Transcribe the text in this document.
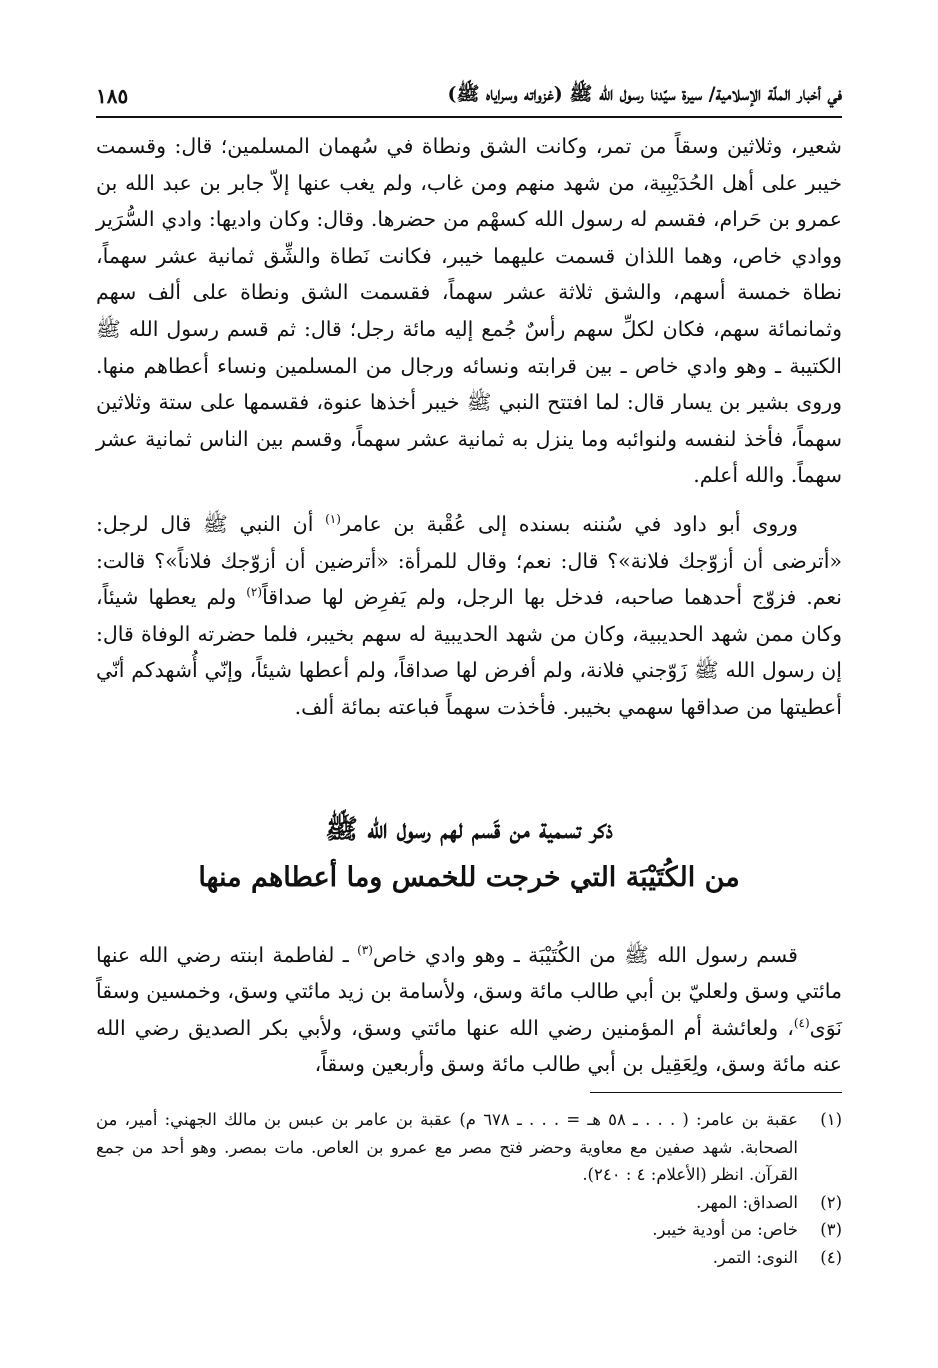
في أخبار الملّة الإسلامية/ سيرة سيّدنا رسول الله ﷺ (غزواته وسراياه ﷺ)
١٨٥

شعير، وثلاثين وسقاً من تمر، وكانت الشق ونطاة في سُهمان المسلمين؛ قال: وقسمت خيبر على أهل الحُدَيْبِية، من شهد منهم ومن غاب، ولم يغب عنها إلاّ جابر بن عبد الله بن عمرو بن حَرام، فقسم له رسول الله كسهْم من حضرها. وقال: وكان واديها: وادي السُّرَير ووادي خاص، وهما اللذان قسمت عليهما خيبر، فكانت نَطاة والشِّق ثمانية عشر سهماً، نطاة خمسة أسهم، والشق ثلاثة عشر سهماً، فقسمت الشق ونطاة على ألف سهم وثمانمائة سهم، فكان لكلِّ سهم رأسٌ جُمع إليه مائة رجل؛ قال: ثم قسم رسول الله ﷺ الكتيبة ـ وهو وادي خاص ـ بين قرابته ونسائه ورجال من المسلمين ونساء أعطاهم منها. وروى بشير بن يسار قال: لما افتتح النبي ﷺ خيبر أخذها عنوة، فقسمها على ستة وثلاثين سهماً، فأخذ لنفسه ولنوائبه وما ينزل به ثمانية عشر سهماً، وقسم بين الناس ثمانية عشر سهماً. والله أعلم.

وروى أبو داود في سُننه بسنده إلى عُقْبة بن عامر$^{(١)}$ أن النبي ﷺ قال لرجل: «أترضى أن أزوّجك فلانة»؟ قال: نعم؛ وقال للمرأة: «أترضين أن أزوّجك فلاناً»؟ قالت: نعم. فزوّج أحدهما صاحبه، فدخل بها الرجل، ولم يَفرِض لها صداقاً$^{(٢)}$ ولم يعطها شيئاً، وكان ممن شهد الحديبية، وكان من شهد الحديبية له سهم بخيبر، فلما حضرته الوفاة قال: إن رسول الله ﷺ زَوّجني فلانة، ولم أفرض لها صداقاً، ولم أعطها شيئاً، وإنّي أُشهدكم أنّي أعطيتها من صداقها سهمي بخيبر. فأخذت سهماً فباعته بمائة ألف.

ذكر تسمية من قَسم لهم رسول الله ﷺ
من الكُتَيْبَة التي خرجت للخمس وما أعطاهم منها

قسم رسول الله ﷺ من الكُتَيْبَة ـ وهو وادي خاص$^{(٣)}$ ـ لفاطمة ابنته رضي الله عنها مائتي وسق ولعليّ بن أبي طالب مائة وسق، ولأسامة بن زيد مائتي وسق، وخمسين وسقاً نَوَى$^{(٤)}$، ولعائشة أم المؤمنين رضي الله عنها مائتي وسق، ولأبي بكر الصديق رضي الله عنه مائة وسق، ولِعَقِيل بن أبي طالب مائة وسق وأربعين وسقاً،

(١)
عقبة بن عامر: ( . . . ـ ٥٨ هـ = . . . ـ ٦٧٨ م) عقبة بن عامر بن عبس بن مالك الجهني: أمير، من الصحابة. شهد صفين مع معاوية وحضر فتح مصر مع عمرو بن العاص. مات بمصر. وهو أحد من جمع القرآن. انظر (الأعلام: ٤ : ٢٤٠).
(٢)
الصداق: المهر.
(٣)
خاص: من أودية خيبر.
(٤)
النوى: التمر.
